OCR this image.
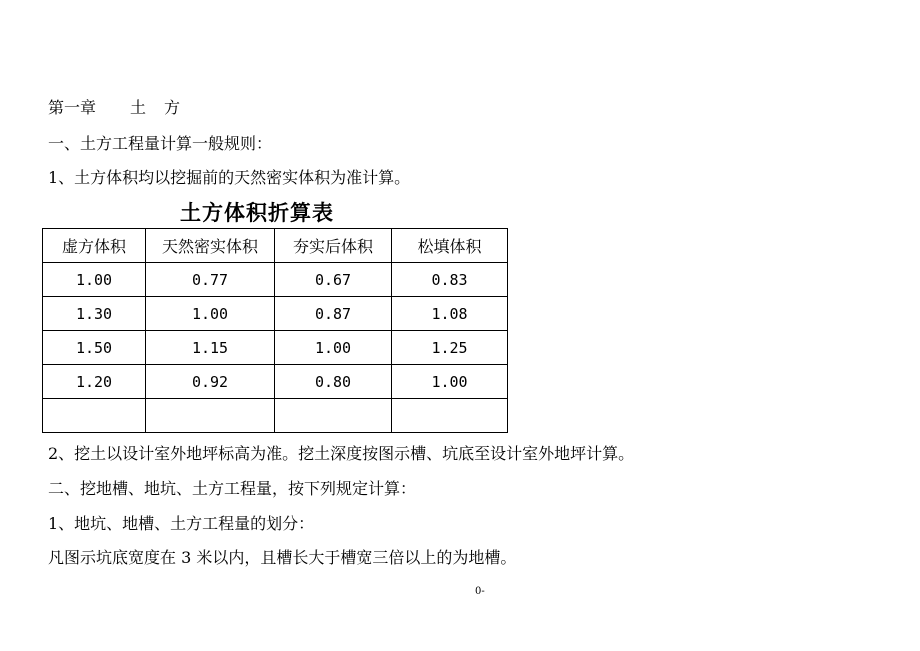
第一章 土 方
一、土方工程量计算一般规则：
1、土方体积均以挖掘前的天然密实体积为准计算。
土方体积折算表
虚方体积	天然密实体积	夯实后体积	松填体积
1.00	0.77	0.67	0.83
1.30	1.00	0.87	1.08
1.50	1.15	1.00	1.25
1.20	0.92	0.80	1.00

2、挖土以设计室外地坪标高为准。挖土深度按图示槽、坑底至设计室外地坪计算。
二、挖地槽、地坑、土方工程量，按下列规定计算：
1、地坑、地槽、土方工程量的划分：
凡图示坑底宽度在 3 米以内，且槽长大于槽宽三倍以上的为地槽。
0-
